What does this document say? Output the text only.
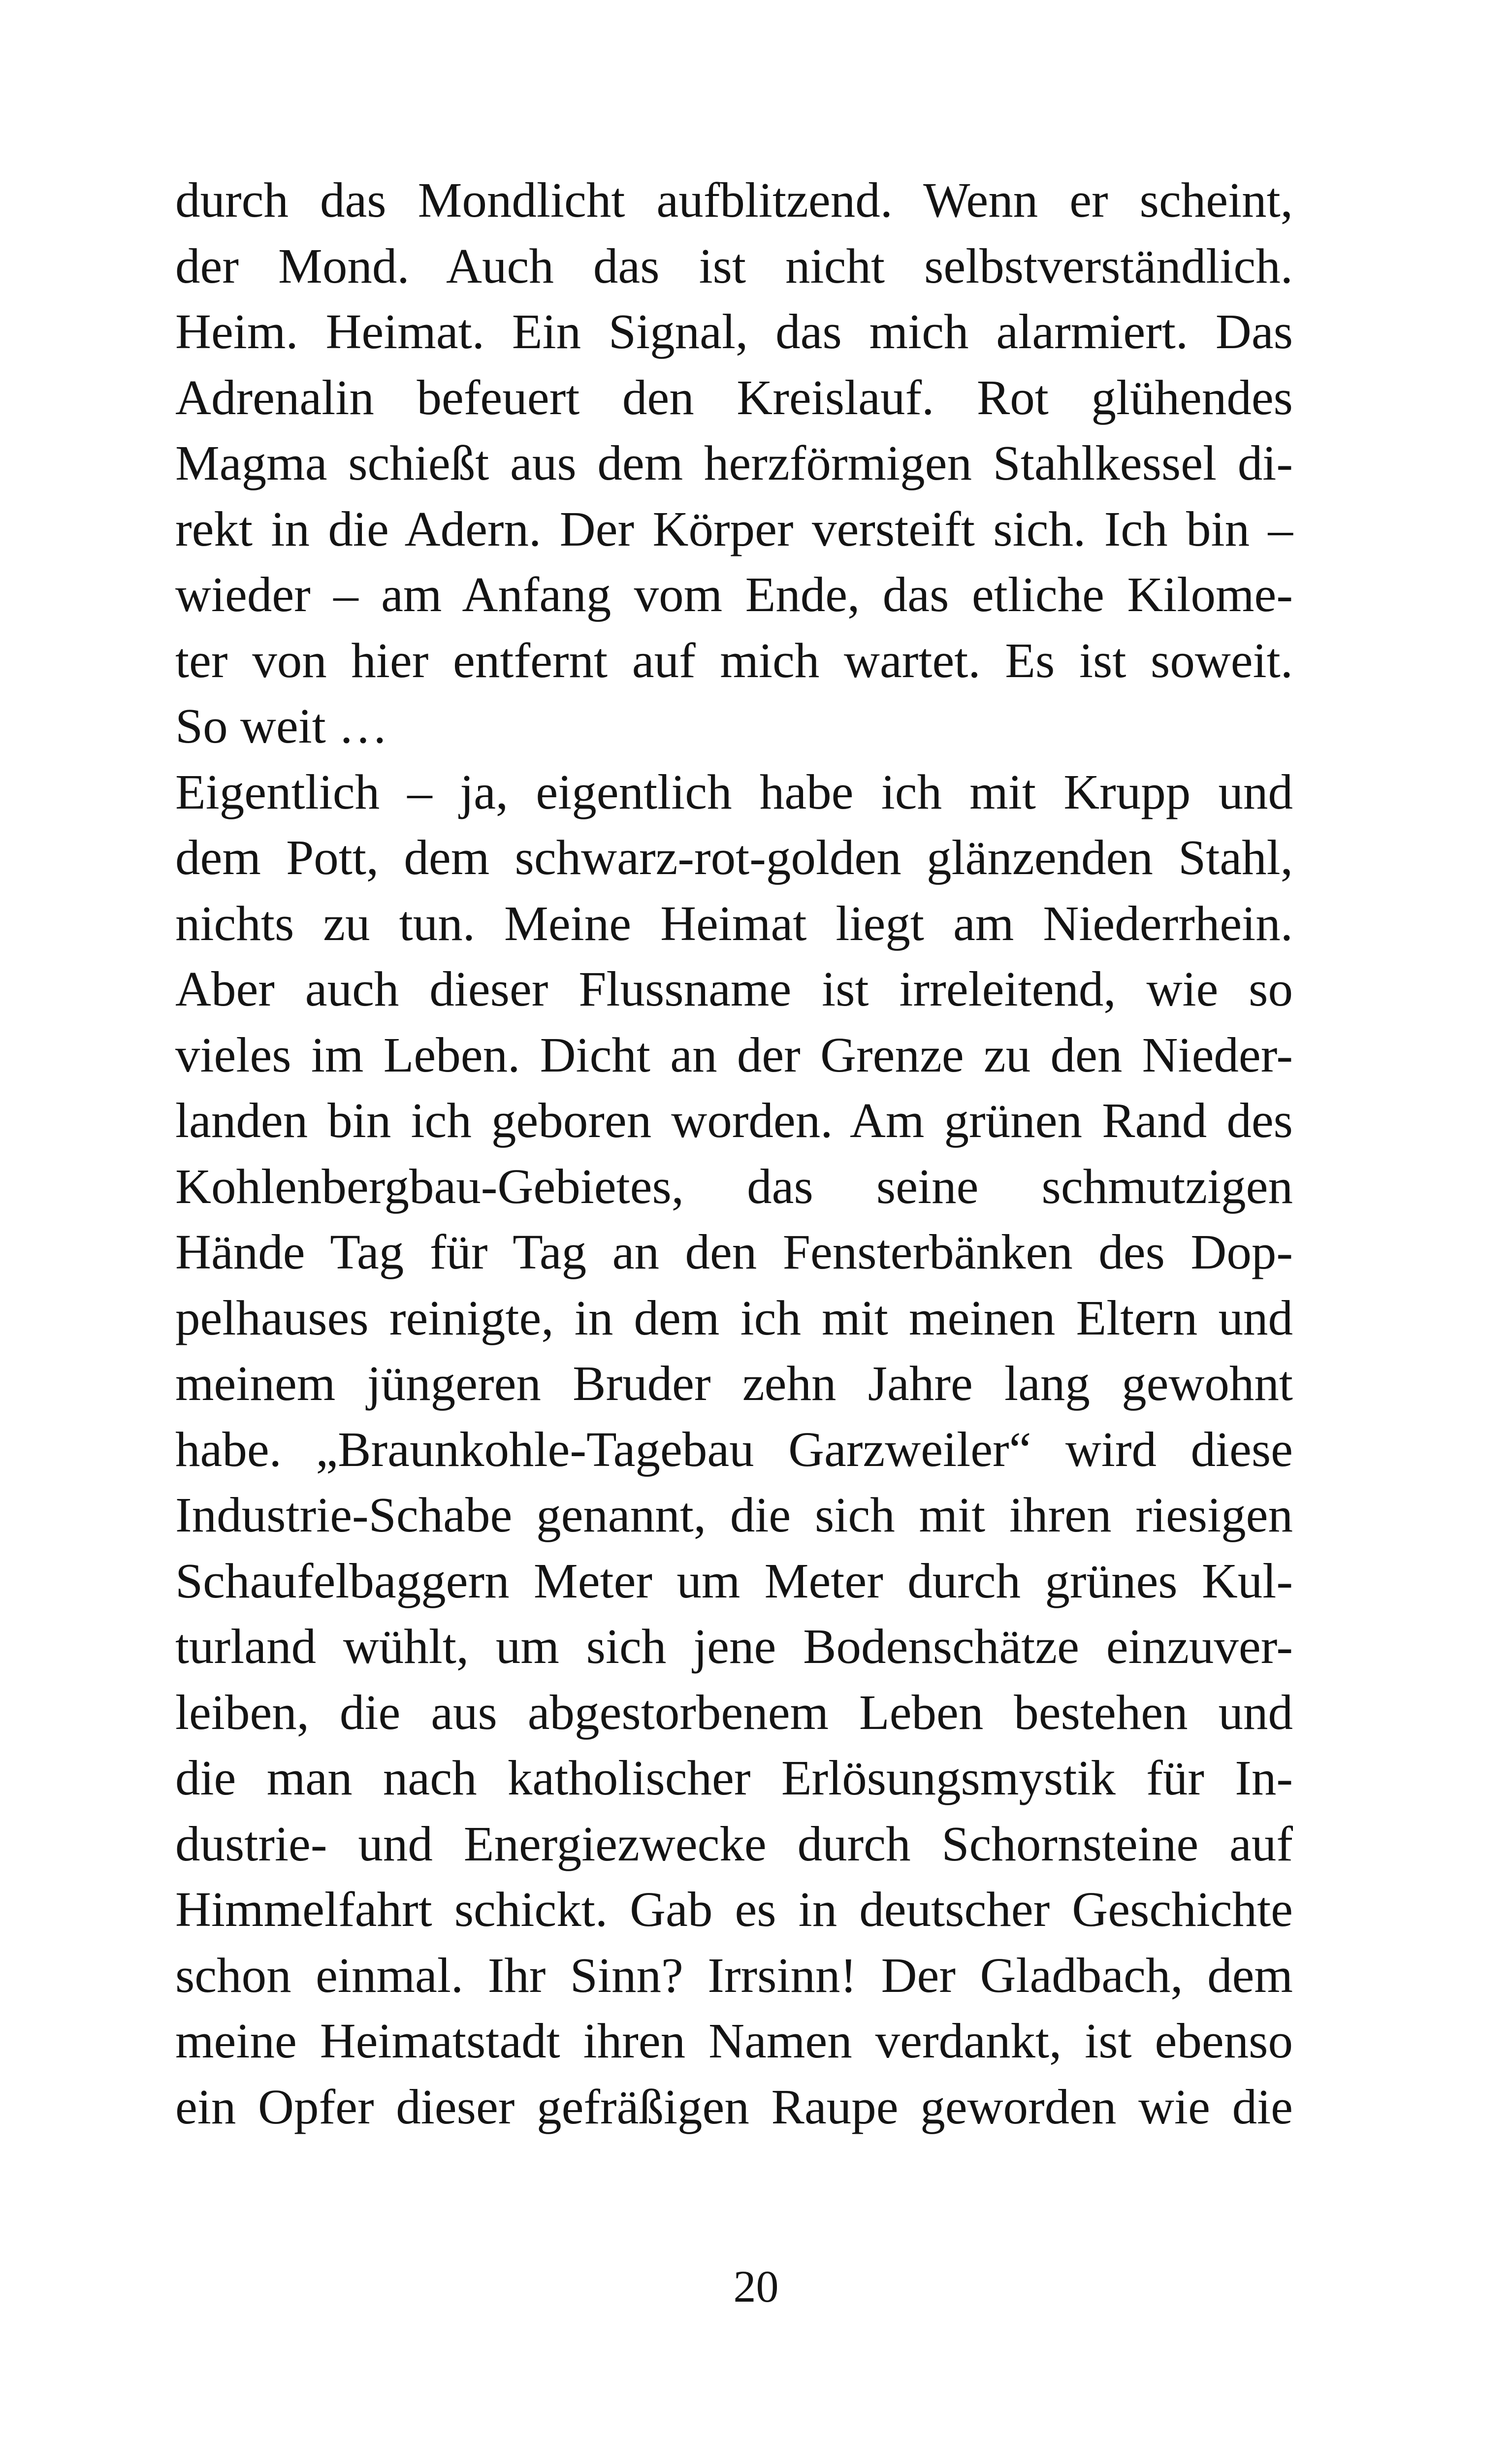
durch das Mondlicht aufblitzend. Wenn er scheint,
der Mond. Auch das ist nicht selbstverständlich.
Heim. Heimat. Ein Signal, das mich alarmiert. Das
Adrenalin befeuert den Kreislauf. Rot glühendes
Magma schießt aus dem herzförmigen Stahlkessel di-
rekt in die Adern. Der Körper versteift sich. Ich bin –
wieder – am Anfang vom Ende, das etliche Kilome-
ter von hier entfernt auf mich wartet. Es ist soweit.
So weit …
Eigentlich – ja, eigentlich habe ich mit Krupp und
dem Pott, dem schwarz-rot-golden glänzenden Stahl,
nichts zu tun. Meine Heimat liegt am Niederrhein.
Aber auch dieser Flussname ist irreleitend, wie so
vieles im Leben. Dicht an der Grenze zu den Nieder-
landen bin ich geboren worden. Am grünen Rand des
Kohlenbergbau-Gebietes, das seine schmutzigen
Hände Tag für Tag an den Fensterbänken des Dop-
pelhauses reinigte, in dem ich mit meinen Eltern und
meinem jüngeren Bruder zehn Jahre lang gewohnt
habe. „Braunkohle-Tagebau Garzweiler“ wird diese
Industrie-Schabe genannt, die sich mit ihren riesigen
Schaufelbaggern Meter um Meter durch grünes Kul-
turland wühlt, um sich jene Bodenschätze einzuver-
leiben, die aus abgestorbenem Leben bestehen und
die man nach katholischer Erlösungsmystik für In-
dustrie- und Energiezwecke durch Schornsteine auf
Himmelfahrt schickt. Gab es in deutscher Geschichte
schon einmal. Ihr Sinn? Irrsinn! Der Gladbach, dem
meine Heimatstadt ihren Namen verdankt, ist ebenso
ein Opfer dieser gefräßigen Raupe geworden wie die
20
